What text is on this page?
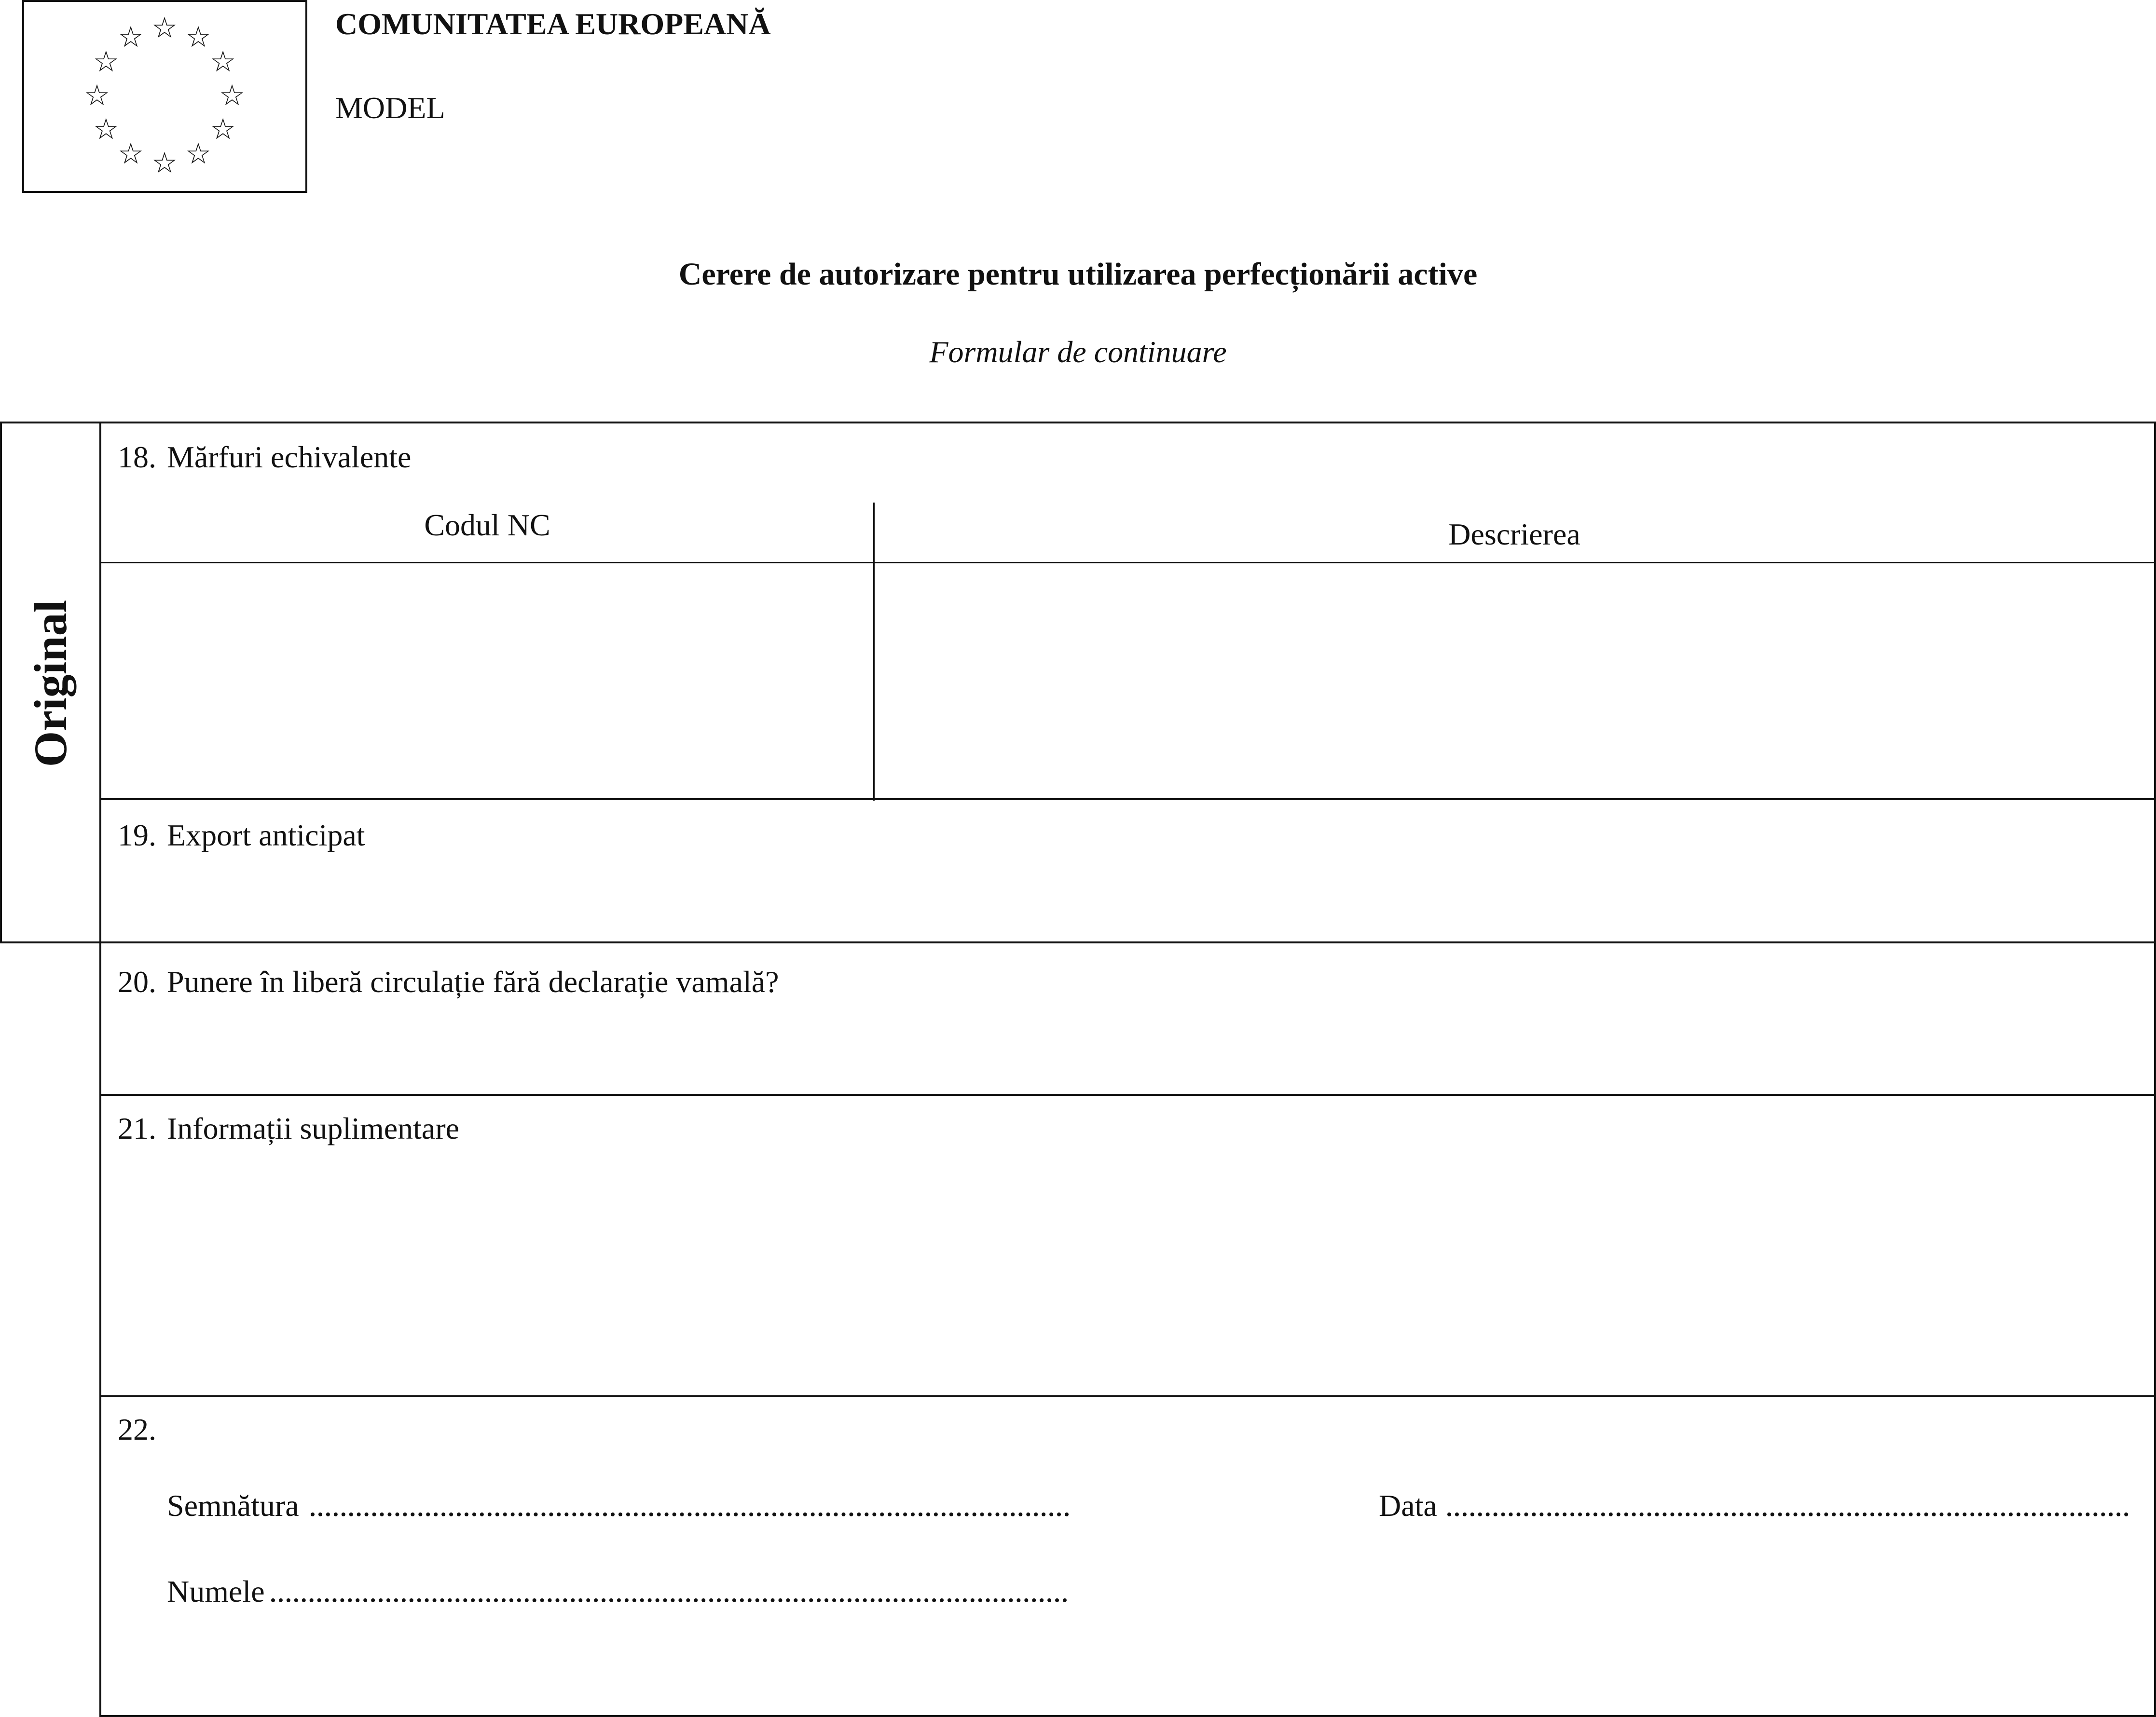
☆ ☆
☆
☆
☆
☆
☆
☆
☆
☆
☆
☆	COMUNITATEA EUROPEANĂ
MODEL
Cerere de autorizare pentru utilizarea perfecționării active
Formular de continuare
Original
18. Mărfuri echivalente
Codul NC	Descrierea
19. Export anticipat
20. Punere în liberă circulație fără declarație vamală?
21. Informații suplimentare
22.
Semnătura	Data
Numele
